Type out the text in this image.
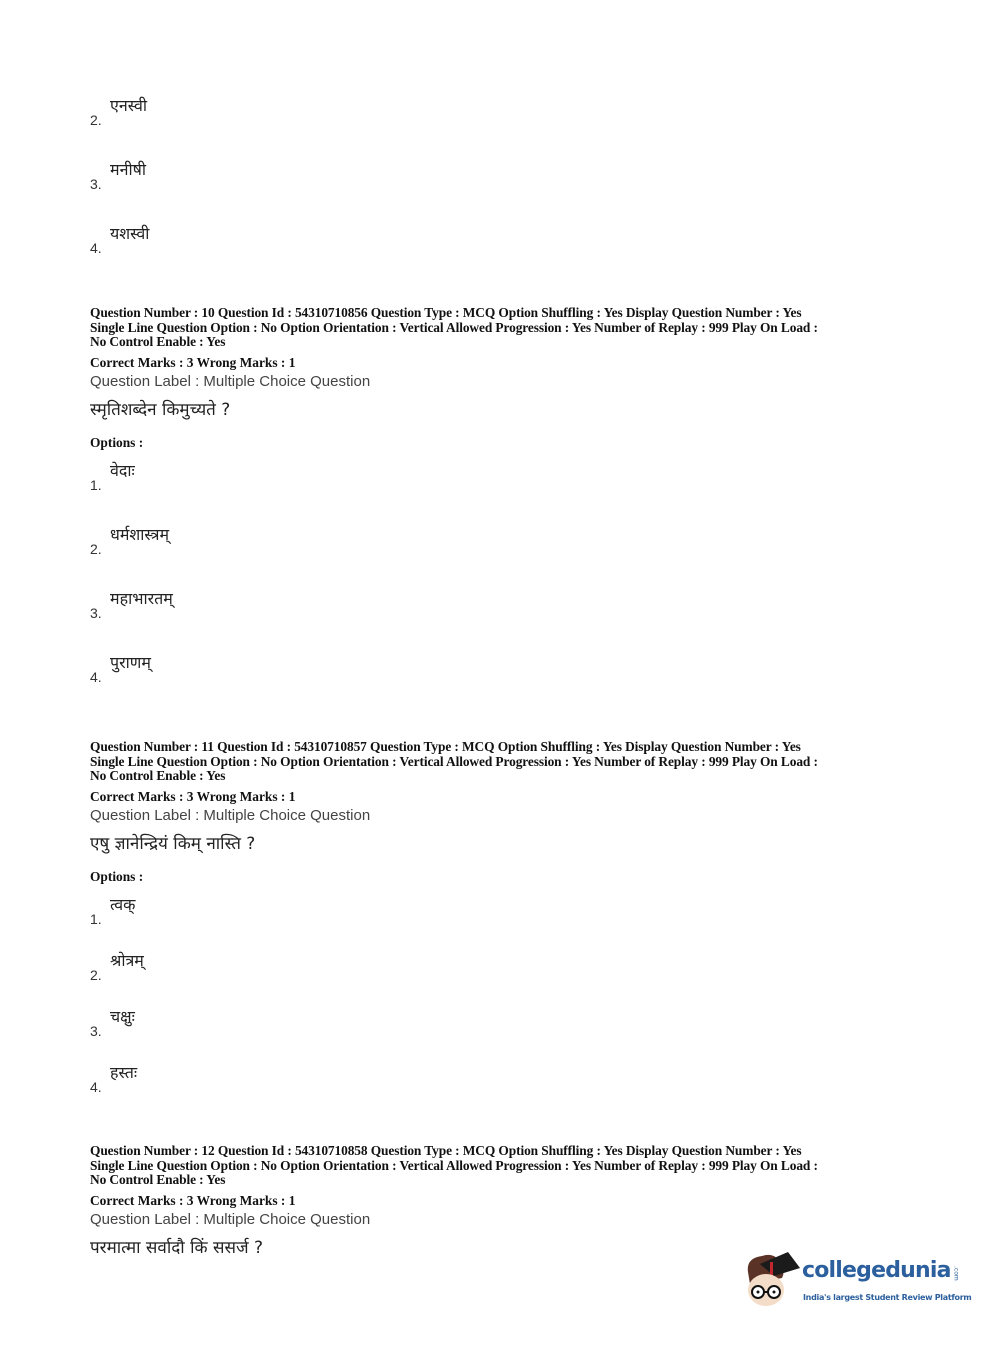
2.
एनस्वी
3.
मनीषी
4.
यशस्वी
Question Number : 10 Question Id : 54310710856 Question Type : MCQ Option Shuffling : Yes Display Question Number : Yes
Single Line Question Option : No Option Orientation : Vertical Allowed Progression : Yes Number of Replay : 999 Play On Load :
No Control Enable : Yes
Correct Marks : 3 Wrong Marks : 1
Question Label : Multiple Choice Question
स्मृतिशब्देन किमुच्यते ?
Options :
1.
वेदाः
2.
धर्मशास्त्रम्
3.
महाभारतम्
4.
पुराणम्
Question Number : 11 Question Id : 54310710857 Question Type : MCQ Option Shuffling : Yes Display Question Number : Yes
Single Line Question Option : No Option Orientation : Vertical Allowed Progression : Yes Number of Replay : 999 Play On Load :
No Control Enable : Yes
Correct Marks : 3 Wrong Marks : 1
Question Label : Multiple Choice Question
एषु ज्ञानेन्द्रियं किम् नास्ति ?
Options :
1.
त्वक्
2.
श्रोत्रम्
3.
चक्षुः
4.
हस्तः
Question Number : 12 Question Id : 54310710858 Question Type : MCQ Option Shuffling : Yes Display Question Number : Yes
Single Line Question Option : No Option Orientation : Vertical Allowed Progression : Yes Number of Replay : 999 Play On Load :
No Control Enable : Yes
Correct Marks : 3 Wrong Marks : 1
Question Label : Multiple Choice Question
परमात्मा सर्वादौ किं ससर्ज ?
collegedunia .com
India's largest Student Review Platform
